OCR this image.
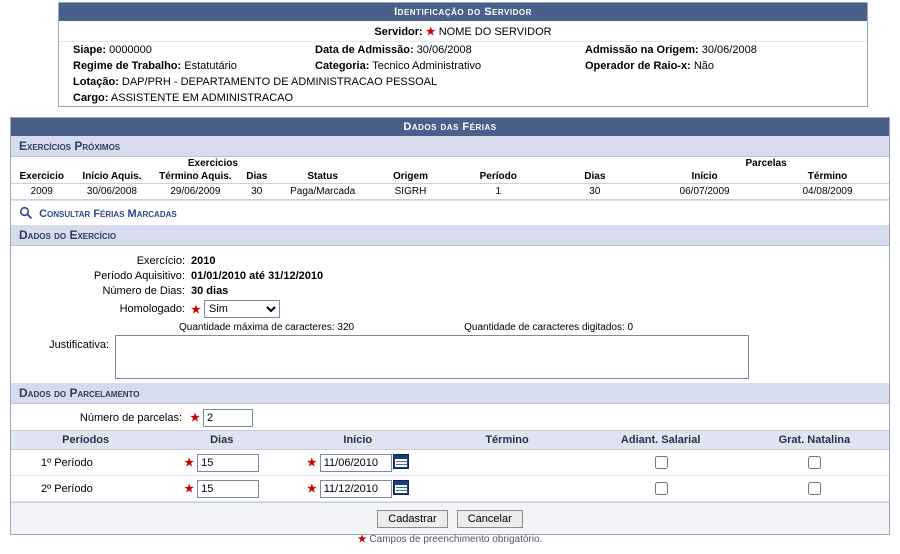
Identificação do Servidor
Servidor: ★ NOME DO SERVIDOR
Siape: 0000000	Data de Admissão: 30/06/2008	Admissão na Origem: 30/06/2008
Regime de Trabalho: Estatutário	Categoria: Tecnico Administrativo	Operador de Raio-x: Não
Lotação: DAP/PRH - DEPARTAMENTO DE ADMINISTRACAO PESSOAL		
Cargo: ASSISTENTE EM ADMINISTRACAO		
Dados das Férias
Exercícios Próximos
		Exercicios						Parcelas	
Exercicio	Início Aquis.	Término Aquis.	Dias	Status	Origem	Período	Dias	Início	Término
2009	30/06/2008	29/06/2009	30	Paga/Marcada	SIGRH	1	30	06/07/2009	04/08/2009
Consultar Férias Marcadas
Dados do Exercício
Exercício: 2010
Período Aquisitivo: 01/01/2010 até 31/12/2010
Número de Dias: 30 dias
Homologado: ★

Sim
Quantidade máxima de caracteres: 320	Quantidade de caracteres digitados: 0
Justificativa:
Dados do Parcelamento
Número de parcelas: ★ 2
Períodos	Dias	Início	Término	Adiant. Salarial	Grat. Natalina
1º Período	★ 15	★ 11/06/2010			
2º Período	★ 15	★ 11/12/2010			
Cadastrar	Cancelar
★ Campos de preenchimento obrigatório.
